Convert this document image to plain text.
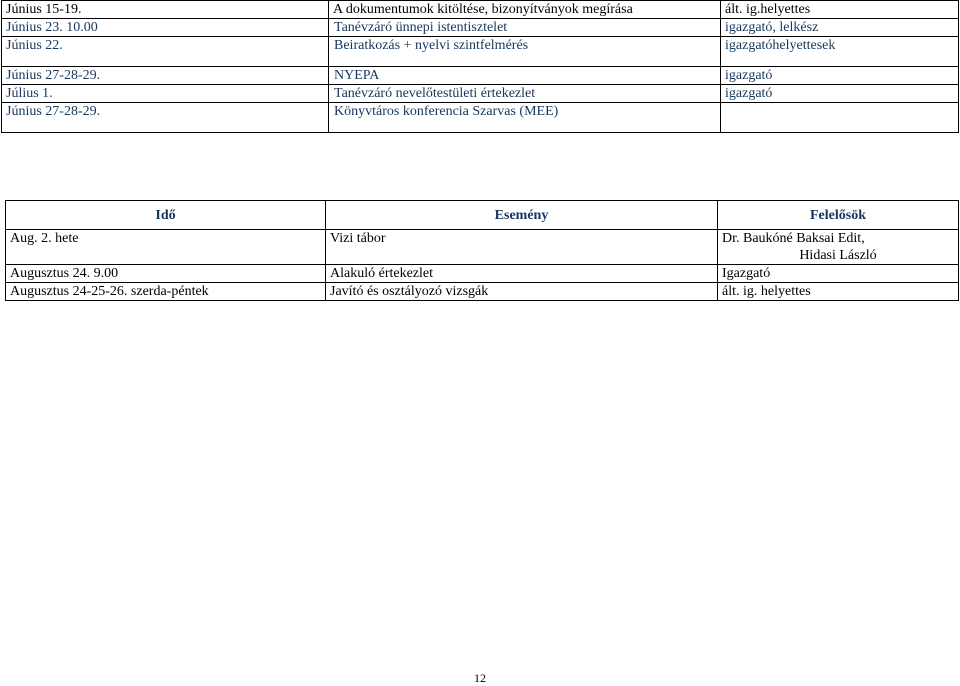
Június 15-19.	A dokumentumok kitöltése, bizonyítványok megírása	ált. ig.helyettes
Június 23. 10.00	Tanévzáró ünnepi istentisztelet	igazgató, lelkész
Június 22.	Beiratkozás + nyelvi szintfelmérés	igazgatóhelyettesek
Június 27-28-29.	NYEPA	igazgató
Július 1.	Tanévzáró nevelőtestületi értekezlet	igazgató
Június 27-28-29.	Könyvtáros konferencia Szarvas (MEE)	
Idő	Esemény	Felelősök
Aug. 2. hete	Vizi tábor	Dr. Baukóné Baksai Edit,
Hidasi László

Augusztus 24. 9.00	Alakuló értekezlet	Igazgató
Augusztus 24-25-26. szerda-péntek	Javító és osztályozó vizsgák	ált. ig. helyettes
12
